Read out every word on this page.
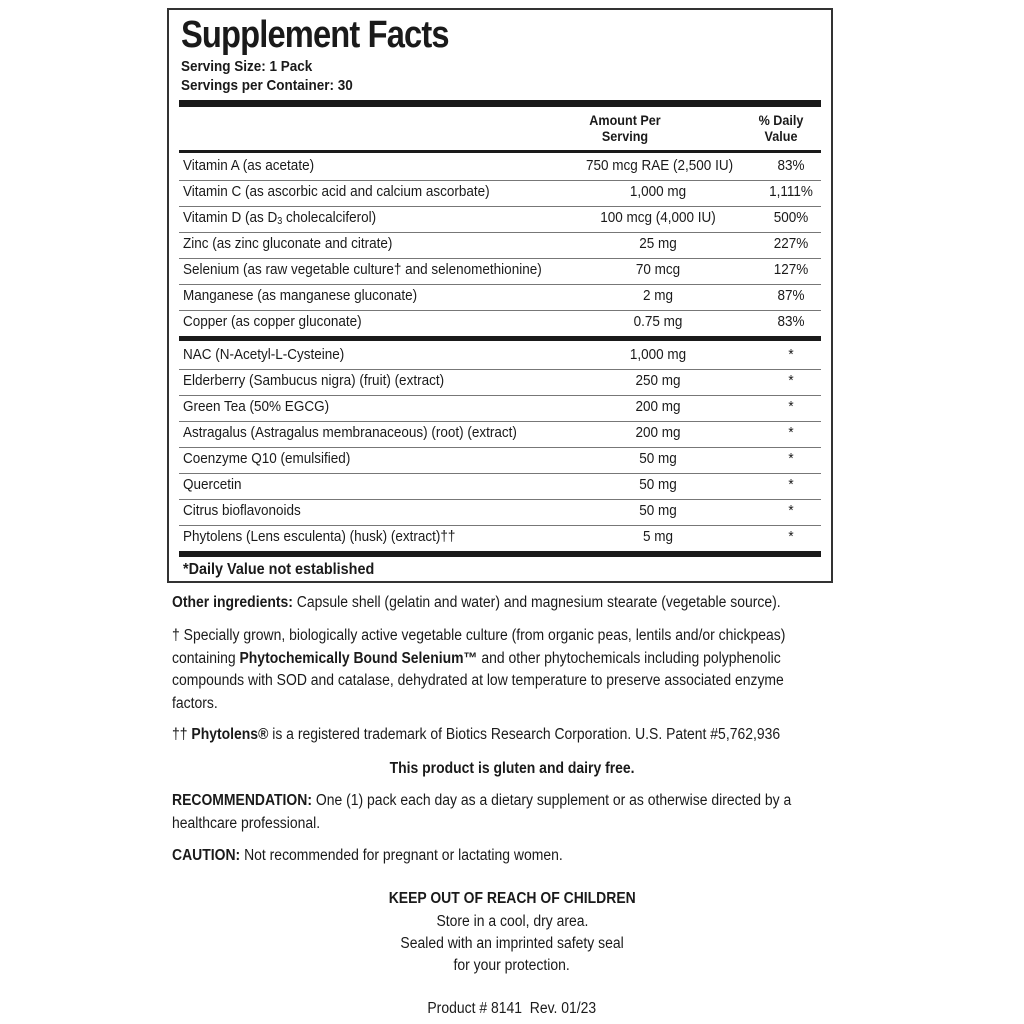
Supplement Facts
Serving Size: 1 Pack
Servings per Container: 30
Amount Per
Serving
% Daily
Value
Vitamin A (as acetate)	750 mcg RAE (2,500 IU)	83%
Vitamin C (as ascorbic acid and calcium ascorbate)	1,000 mg	1,111%
Vitamin D (as $D_3$ cholecalciferol)	100 mcg (4,000 IU)	500%
Zinc (as zinc gluconate and citrate)	25 mg	227%
Selenium (as raw vegetable culture† and selenomethionine)	70 mcg	127%
Manganese (as manganese gluconate)	2 mg	87%
Copper (as copper gluconate)	0.75 mg	83%
NAC (N-Acetyl-L-Cysteine)	1,000 mg	*
Elderberry (Sambucus nigra) (fruit) (extract)	250 mg	*
Green Tea (50% EGCG)	200 mg	*
Astragalus (Astragalus membranaceous) (root) (extract)	200 mg	*
Coenzyme Q10 (emulsified)	50 mg	*
Quercetin	50 mg	*
Citrus bioflavonoids	50 mg	*
Phytolens (Lens esculenta) (husk) (extract)††	5 mg	*
*Daily Value not established
Other ingredients: Capsule shell (gelatin and water) and magnesium stearate (vegetable source).
† Specially grown, biologically active vegetable culture (from organic peas, lentils and/or chickpeas) containing Phytochemically Bound Selenium™ and other phytochemicals including polyphenolic compounds with SOD and catalase, dehydrated at low temperature to preserve associated enzyme factors.
†† Phytolens® is a registered trademark of Biotics Research Corporation. U.S. Patent #5,762,936
This product is gluten and dairy free.
RECOMMENDATION: One (1) pack each day as a dietary supplement or as otherwise directed by a healthcare professional.
CAUTION: Not recommended for pregnant or lactating women.
KEEP OUT OF REACH OF CHILDREN
Store in a cool, dry area.
Sealed with an imprinted safety seal
for your protection.
Product # 8141  Rev. 01/23
